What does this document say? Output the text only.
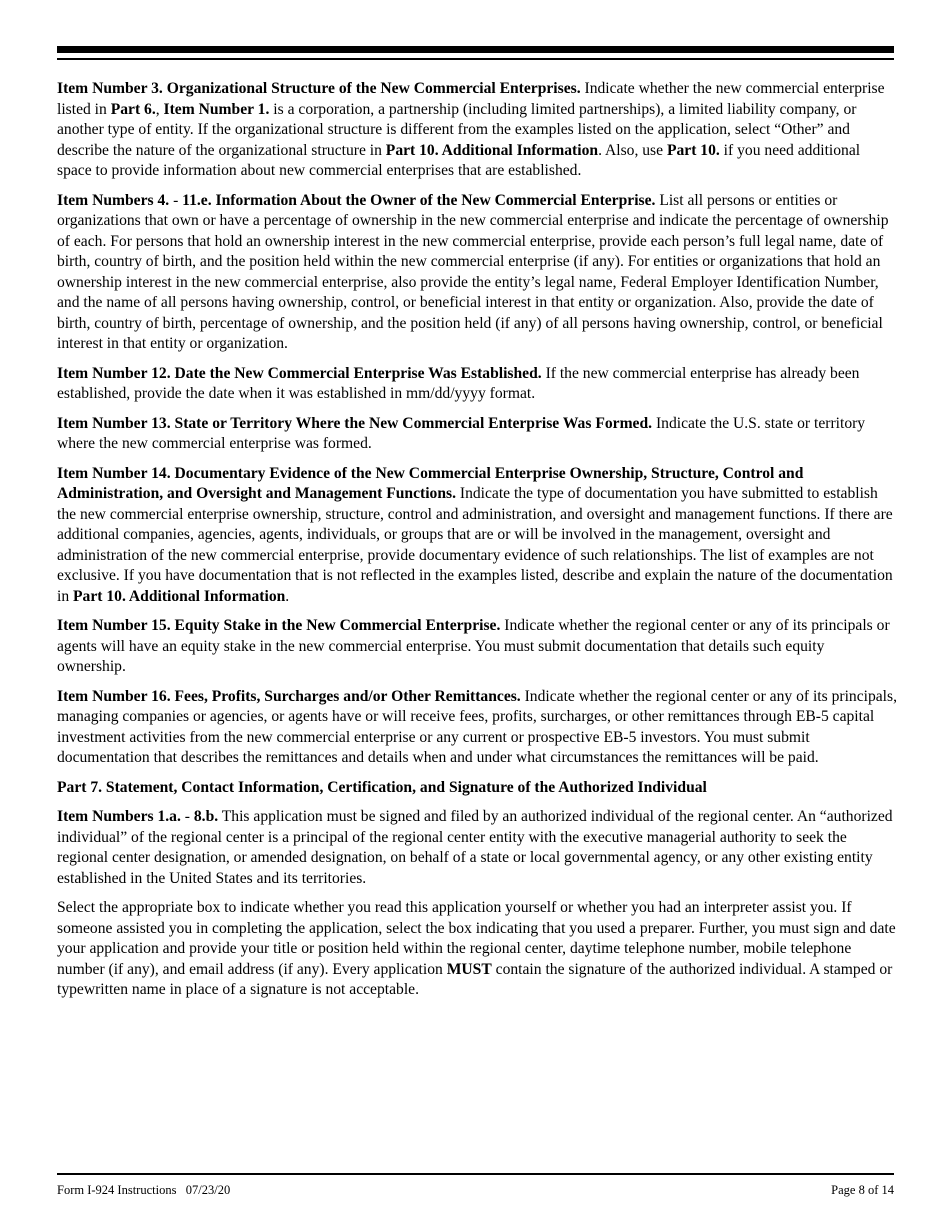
Item Number 3. Organizational Structure of the New Commercial Enterprises. Indicate whether the new commercial enterprise listed in Part 6., Item Number 1. is a corporation, a partnership (including limited partnerships), a limited liability company, or another type of entity. If the organizational structure is different from the examples listed on the application, select “Other” and describe the nature of the organizational structure in Part 10. Additional Information. Also, use Part 10. if you need additional space to provide information about new commercial enterprises that are established.

Item Numbers 4. - 11.e. Information About the Owner of the New Commercial Enterprise. List all persons or entities or organizations that own or have a percentage of ownership in the new commercial enterprise and indicate the percentage of ownership of each. For persons that hold an ownership interest in the new commercial enterprise, provide each person’s full legal name, date of birth, country of birth, and the position held within the new commercial enterprise (if any). For entities or organizations that hold an ownership interest in the new commercial enterprise, also provide the entity’s legal name, Federal Employer Identification Number, and the name of all persons having ownership, control, or beneficial interest in that entity or organization. Also, provide the date of birth, country of birth, percentage of ownership, and the position held (if any) of all persons having ownership, control, or beneficial interest in that entity or organization.

Item Number 12. Date the New Commercial Enterprise Was Established. If the new commercial enterprise has already been established, provide the date when it was established in mm/dd/yyyy format.

Item Number 13. State or Territory Where the New Commercial Enterprise Was Formed. Indicate the U.S. state or territory where the new commercial enterprise was formed.

Item Number 14. Documentary Evidence of the New Commercial Enterprise Ownership, Structure, Control and Administration, and Oversight and Management Functions. Indicate the type of documentation you have submitted to establish the new commercial enterprise ownership, structure, control and administration, and oversight and management functions. If there are additional companies, agencies, agents, individuals, or groups that are or will be involved in the management, oversight and administration of the new commercial enterprise, provide documentary evidence of such relationships. The list of examples are not exclusive. If you have documentation that is not reflected in the examples listed, describe and explain the nature of the documentation in Part 10. Additional Information.

Item Number 15. Equity Stake in the New Commercial Enterprise. Indicate whether the regional center or any of its principals or agents will have an equity stake in the new commercial enterprise. You must submit documentation that details such equity ownership.

Item Number 16. Fees, Profits, Surcharges and/or Other Remittances. Indicate whether the regional center or any of its principals, managing companies or agencies, or agents have or will receive fees, profits, surcharges, or other remittances through EB-5 capital investment activities from the new commercial enterprise or any current or prospective EB-5 investors. You must submit documentation that describes the remittances and details when and under what circumstances the remittances will be paid.

Part 7. Statement, Contact Information, Certification, and Signature of the Authorized Individual

Item Numbers 1.a. - 8.b. This application must be signed and filed by an authorized individual of the regional center. An “authorized individual” of the regional center is a principal of the regional center entity with the executive managerial authority to seek the regional center designation, or amended designation, on behalf of a state or local governmental agency, or any other existing entity established in the United States and its territories.

Select the appropriate box to indicate whether you read this application yourself or whether you had an interpreter assist you. If someone assisted you in completing the application, select the box indicating that you used a preparer. Further, you must sign and date your application and provide your title or position held within the regional center, daytime telephone number, mobile telephone number (if any), and email address (if any). Every application MUST contain the signature of the authorized individual. A stamped or typewritten name in place of a signature is not acceptable.

Form I-924 Instructions   07/23/20	Page 8 of 14
